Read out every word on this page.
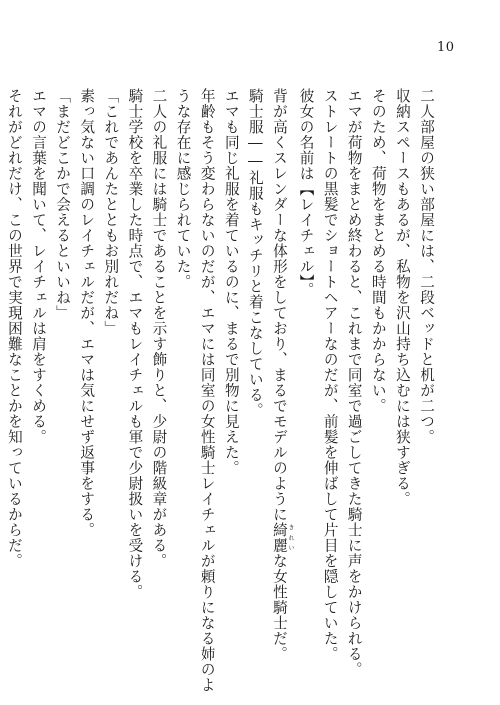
10
二人部屋の狭い部屋には、二段ベッドと机が二つ。
収納スペースもあるが、私物を沢山持ち込むには狭すぎる。
そのため、荷物をまとめる時間もかからない。
エマが荷物をまとめ終わると、これまで同室で過ごしてきた騎士に声をかけられる。
ストレートの黒髪でショートヘアーなのだが、前髪を伸ばして片目を隠していた。
彼女の名前は【レイチェル】。
背が高くスレンダーな体形をしており、まるでモデルのように綺麗 きれいな女性騎士だ。
騎士服――礼服もキッチリと着こなしている。
エマも同じ礼服を着ているのに、まるで別物に見えた。
年齢もそう変わらないのだが、エマには同室の女性騎士レイチェルが頼りになる姉のよ
うな存在に感じられていた。
二人の礼服には騎士であることを示す飾りと、少尉の階級章がある。
騎士学校を卒業した時点で、エマもレイチェルも軍で少尉扱いを受ける。
「これであんたとともお別れだね」
素っ気ない口調のレイチェルだが、エマは気にせず返事をする。
「まだどこかで会えるといいね」
エマの言葉を聞いて、レイチェルは肩をすくめる。
それがどれだけ、この世界で実現困難なことかを知っているからだ。
